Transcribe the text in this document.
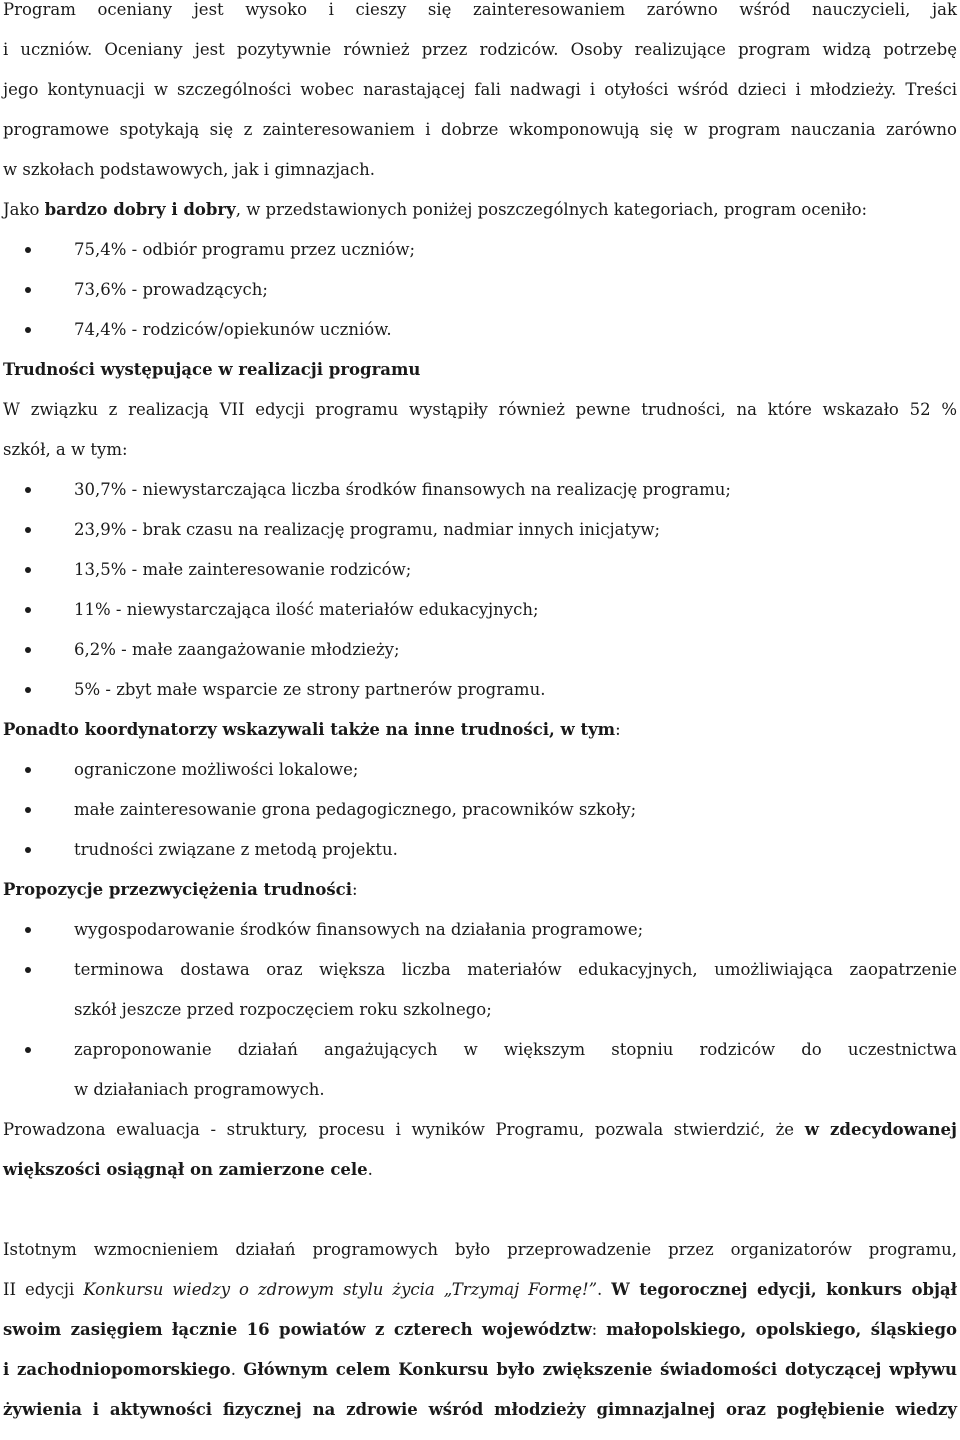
Program oceniany jest wysoko i cieszy się zainteresowaniem zarówno wśród nauczycieli, jak
i uczniów. Oceniany jest pozytywnie również przez rodziców. Osoby realizujące program widzą potrzebę
jego kontynuacji w szczególności wobec narastającej fali nadwagi i otyłości wśród dzieci i młodzieży. Treści
programowe spotykają się z zainteresowaniem i dobrze wkomponowują się w program nauczania zarówno
w szkołach podstawowych, jak i gimnazjach.
Jako bardzo dobry i dobry, w przedstawionych poniżej poszczególnych kategoriach, program oceniło:
75,4% - odbiór programu przez uczniów;
73,6% - prowadzących;
74,4% - rodziców/opiekunów uczniów.
Trudności występujące w realizacji programu
W związku z realizacją VII edycji programu wystąpiły również pewne trudności, na które wskazało 52 %
szkół, a w tym:
30,7% - niewystarczająca liczba środków finansowych na realizację programu;
23,9% - brak czasu na realizację programu, nadmiar innych inicjatyw;
13,5% - małe zainteresowanie rodziców;
11% - niewystarczająca ilość materiałów edukacyjnych;
6,2% - małe zaangażowanie młodzieży;
5% - zbyt małe wsparcie ze strony partnerów programu.
Ponadto koordynatorzy wskazywali także na inne trudności, w tym:
ograniczone możliwości lokalowe;
małe zainteresowanie grona pedagogicznego, pracowników szkoły;
trudności związane z metodą projektu.
Propozycje przezwyciężenia trudności:
wygospodarowanie środków finansowych na działania programowe;
terminowa dostawa oraz większa liczba materiałów edukacyjnych, umożliwiająca zaopatrzenie
szkół jeszcze przed rozpoczęciem roku szkolnego;
zaproponowanie działań angażujących w większym stopniu rodziców do uczestnictwa
w działaniach programowych.
Prowadzona ewaluacja - struktury, procesu i wyników Programu, pozwala stwierdzić, że w zdecydowanej
większości osiągnął on zamierzone cele.
Istotnym wzmocnieniem działań programowych było przeprowadzenie przez organizatorów programu,
II edycji Konkursu wiedzy o zdrowym stylu życia „Trzymaj Formę!”. W tegorocznej edycji, konkurs objął
swoim zasięgiem łącznie 16 powiatów z czterech województw: małopolskiego, opolskiego, śląskiego
i zachodniopomorskiego. Głównym celem Konkursu było zwiększenie świadomości dotyczącej wpływu
żywienia i aktywności fizycznej na zdrowie wśród młodzieży gimnazjalnej oraz pogłębienie wiedzy
